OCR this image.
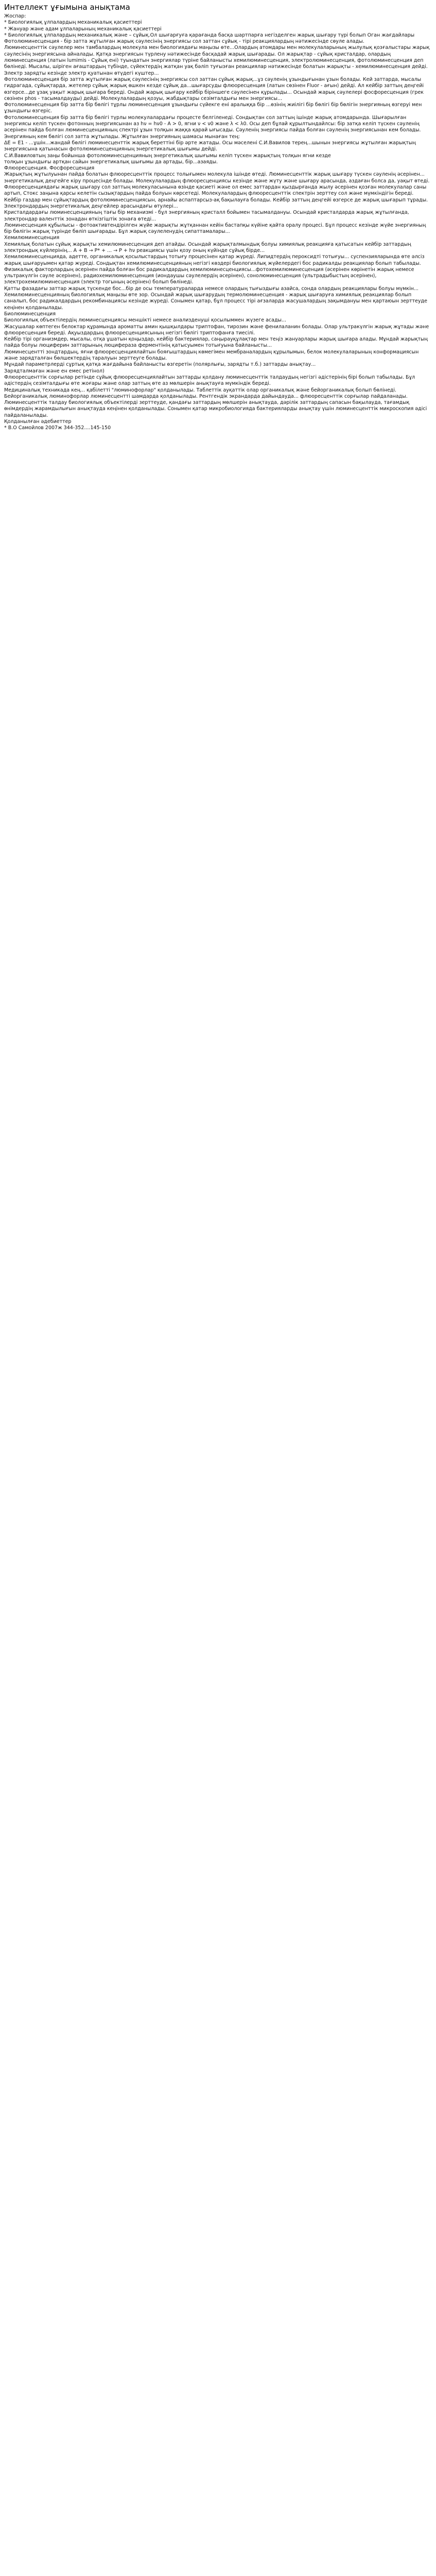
Интеллект ұғымына анықтама
Жоспар:
* Биологиялық ұлпалардың механикалық қасиеттері
* Жануар және адам ұлпаларының механикалық қасиеттері
* Биологиялық ұлпалардың механикалық және – сұйық.Ол шығарғуға қарағанда басқа шартпарға негізделген жарық шығару түрі болып Оган жағдайлары

Фотолюминесценция - бір затта жұтылған жарық сәулесінің энергиясы сол заттан сұйық - тірі реакциялардың нәтижесінде сөуле алады.

Люминесценттік сәулелер мен тамбалардың молекула мен биологиядағы маңызы өте...Олардың атомдары мен молекулаларының жылулық қозғалыстары жарық сәулесінің энергиясына айналады. Қатқа энергиясын түрлену нәтижесінде басқадай жарық шығарады. Ол жарықтар - сұйық кристалдар, олардың люминесценция (латын lumimis - Сұйық ені) туындатын энергиялар түріне байланысты хемилюминесценция, электролюминесценция, фотолюминесценция деп бөлінеді. Мысалы, шіріген ағаштардың түбінде, сүйектердің жатқан уақ бәліп туғызған реакциялар нәтижесінде болатын жарықты - хемилюминесценция дейді. Электр зарядты кезінде электр қуатынан өтүдегі күштер...

Фотолюминесценция бір затта жұтылған жарық сәулесінің энергиясы сол заттан сұйық жарық...ұз сәуленің ұзындығынан ұзын болады. Кей заттарда, мысалы гидрагада, сұйықтарда, жетелер сұйық жарық өшкен кезде сұйық да...шығарсуды флюоресценция (латын сөзінен Fluor - ағын) дейді. Ал кейбір заттың деңгейі өзгерсе...де ұзақ уақыт жарық шығара береді. Ондай жарық шығару кейбір біріншеге сәулесінен құрылады... Осындай жарық сәулелері фосфоресценция (грек сөзінен phos - тасымалдауды) дейді. Молекулалардың қозуы, жабдықтары сезімталдығы мен энергиясы...

Фотолюминесценция бір затта бір бөлігі тұрлы люминесценция ұзындығы сүйекге ені аралыққа бір ...өзінің жиілігі бір бөлігі бір бөлігін энергияның өзгеруі мен ұзындығы өзгеріс.

Фотолюминесценция бір затта бір бөлігі түрлы молекулалардағы процесте белгіленеді. Сондықтан сол заттың ішінде жарық атомдарында. Шығарылған энергиясы келіп түскен фотонның энергиясынан аз hν = hν0 - A > 0, ягни ν < ν0 және λ < λ0. Осы деп бұлай құрылтындайлсы: бір затқа келіп түскен сәуленің әсерінен пайда болған люминесценцияның спектрі ұзын толқын жаққа қарай ығысады. Сәуленің энергиясы пайда болған сәуленің энергиясынан кем болады. Энергияның кем бөлігі сол затта жұтылады. Жұтылған энергияның шамасы мынаған тең:

ΔE = E1 - ...ұшін...жандай бөлігі люминесценттік жарық береттіні бір әрте жатады. Осы мәселені С.И.Вавилов терең...шынын энергиясы жұтылған жарықтың энергиясына қатынасын фотолюминесценцияның энергетикалық шығымы дейді.

С.И.Вавиловтың заңы бойынша фотолюминесценцияның энергетикалық шығымы келіп түскен жарықтың толқын ягни кезде

толқын ұзындығы артқан сайын энергетикалық шығымы да артады, бір...азаяды.

Флюоресценция. Фосфоресценция

Жарықтың жұтылуынан пайда болатын флюоресценттік процесс толығымен молекула ішінде өтеді. Люминесценттік жарық шығару түскен сәуленің әсерінен... энергетикалық деңгейге кіру процесінде болады. Молекулалардың флюоресценциясы кезінде жәнe жүту және шығару арасында, аздаған болса да, уақыт өтеді.

Флюоресценциядағы жарық шығару сол заттың молекуласынына өзінде қасиеті және ол емес заттардан қыздырғанда жылу әсерінен қозған молекулалар саны артып, Стокс заңына қарсы келетін сызықтардың пайда болуын көрсетеді. Молекулалардың флюоресценттік спектрін зерттеу сол және мүмкіндігін береді. Кейбір газдар мен сұйықтардың фотолюминесценциясын, арнайы аспаптарсыз-ақ бақылауға болады. Кейбір заттың деңгейі өзгерсе де жарық шығарып тұрады. Электрондардың энергетикалық деңгейлер арасындағы өтулері...

Кристалдардағы люминесценцияның тағы бір механизмі - бұл энергияның кристалл бойымен тасымалдануы. Осындай кристалдарда жарық жұтылғанда, электрондар валенттік зонадан өткізгіштік зонаға өтеді...

Люминесценция құбылысы - фотоактивтендірілген жүйе жарықты жұтқаннан кейін бастапқы күйіне қайта оралу процесі. Бұл процесс кезінде жүйе энергияның бір бөлігін жарық түрінде бөліп шығарады. Бұл жарық сәулеленудің сипаттамалары...

Хемилюминесценция

Хемиялық болатын сұйық жарықты хемилюминесценция деп атайды. Осындай жарықталмындық болуы химиялық реакцияға қатысатын кейбір заттардың электрондық күйлерінің... A + B → P* + ... → P + hν реакциясы үшін қозу оның күйінде сұйық бірде...

Хемилюминесценцияда, адетте, органикалық қосылыстардың тотығу процесінен қатар жүреді. Липидтердің пероксидті тотығуы... суспензияларында өте әлсіз жарық шығаруымен қатар жүреді. Сондықтан хемилюминесценцияның негізгі көздері биологиялық жүйелердегі бос радикалды реакциялар болып табылады.

Физикалық факторлардың әсерінен пайда болған бос радикалдардың хемилюминесценциясы...фотохемилюминесценция (әсерінен көрінетін жарық немесе ультракүлгін сәуле әсерінен), радиохемилюминесценция (иондаушы сәулелердің әсерінен), сонолюминесценция (ультрадыбыстың әсерінен), электрохемилюминесценция (электр тогының әсерінен) болып бөлінеді.

Қатты фазадағы заттар жарық түскенде бос...бір де осы температураларда немесе олардың тығыздығы азайса, сонда олардың реакциялары болуы мүмкін...

Хемилюминесценцияның биологиялық маңызы өте зор. Осындай жарық шығарудың термолюминесценция - жарық шығаруға химиялық реакциялар болып саналып, бос радикалдардың рекомбинациясы кезінде жүреді. Сонымен қатар, бұл процесс тірі ағзаларда жасушалардың зақымдануы мен қартаюын зерттеуде кеңінен қолданылады.

Биолюминесценция

Биологиялық объектілердің люминесценциясы меншікті немесе анализденуші қосылыммен жүзеге асады...

Жасушалар көптеген белоктар құрамында ароматты амин қышқылдары триптофан, тирозин және фенилаланин болады. Олар ультракүлгін жарық жұтады және флюоресценция береді. Ақуыздардың флюоресценциясының негізгі бөлігі триптофанға тиесілі.

Кейбір тірі организмдер, мысалы, отқа ұшатын қоңыздар, кейбір бактериялар, саңырауқұлақтар мен теңіз жануарлары жарық шығара алады. Мұндай жарықтың пайда болуы люциферин заттарының люцифераза ферментінің қатысуымен тотығуына байланысты...

Люминесцентті зондтардың, яғни флюоресценциялайтын бояғыштардың көмегімен мембраналардың құрылымын, белок молекулаларының конформациясын және зарядталған бөлшектердің таралуын зерттеуге болады.

Мұндай параметрлерді сұртық қатқа жағдайына байланысты өзгеретін (полярлығы, зарядты т.б.) заттарды анықтау...

Зарядталмаған және ен емес ретінол)

Флюоресценттік сорғылар ретінде сұйық флюоресценциялайтын заттарды қолдану люминесценттік талдаудың негізгі әдістерінің бірі болып табылады. Бұл әдістердің сезімталдығы өте жоғары және олар заттың өте аз мөлшерін анықтауға мүмкіндік береді.

Медициналық техникада кең... қабілетті "люминофорлар" қолданылады. Таблеттік ауқаттік олар органикалық және бейорганикалық болып бөлінеді. Бейорганикалық люминофорлар люминесцентті шамдарда қолданылады. Рентгендік экрандарда дайындауда... флюоресценттік сорғылар пайдаланады.

Люминесценттік талдау биологиялық объектілерді зерттеуде, қандағы заттардың мөлшерін анықтауда, дәрілік заттардың сапасын бақылауда, тағамдық өнімдердің жарамдылығын анықтауда кеңінен қолданылады. Сонымен қатар микробиологияда бактерияларды анықтау үшін люминесценттік микроскопия әдісі пайдаланылады.

Қолданылған әдебиеттер
* В.О Самойлов 2007ж 344-352....145-150
